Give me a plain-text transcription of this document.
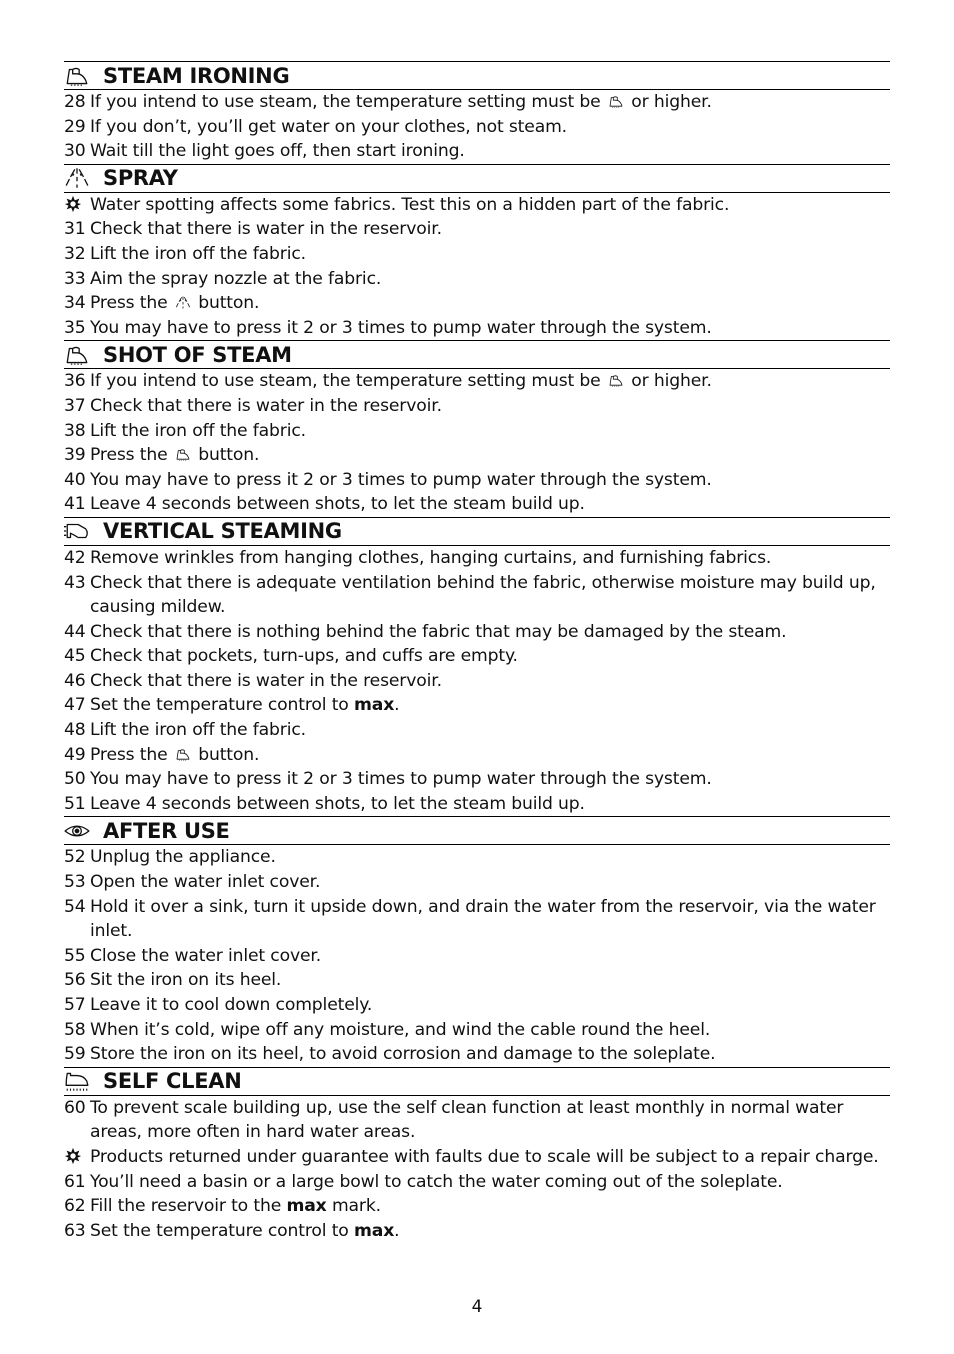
STEAM IRONING
28 If you intend to use steam, the temperature setting must be or higher.
29 If you don’t, you’ll get water on your clothes, not steam.
30 Wait till the light goes off, then start ironing.
SPRAY
Water spotting affects some fabrics. Test this on a hidden part of the fabric.
31 Check that there is water in the reservoir.
32 Lift the iron off the fabric.
33 Aim the spray nozzle at the fabric.
34 Press the button.
35 You may have to press it 2 or 3 times to pump water through the system.
SHOT OF STEAM
36 If you intend to use steam, the temperature setting must be or higher.
37 Check that there is water in the reservoir.
38 Lift the iron off the fabric.
39 Press the button.
40 You may have to press it 2 or 3 times to pump water through the system.
41 Leave 4 seconds between shots, to let the steam build up.
VERTICAL STEAMING
42 Remove wrinkles from hanging clothes, hanging curtains, and furnishing fabrics.
43 Check that there is adequate ventilation behind the fabric, otherwise moisture may build up, causing mildew.
44 Check that there is nothing behind the fabric that may be damaged by the steam.
45 Check that pockets, turn-ups, and cuffs are empty.
46 Check that there is water in the reservoir.
47 Set the temperature control to max.
48 Lift the iron off the fabric.
49 Press the button.
50 You may have to press it 2 or 3 times to pump water through the system.
51 Leave 4 seconds between shots, to let the steam build up.
AFTER USE
52 Unplug the appliance.
53 Open the water inlet cover.
54 Hold it over a sink, turn it upside down, and drain the water from the reservoir, via the water inlet.
55 Close the water inlet cover.
56 Sit the iron on its heel.
57 Leave it to cool down completely.
58 When it’s cold, wipe off any moisture, and wind the cable round the heel.
59 Store the iron on its heel, to avoid corrosion and damage to the soleplate.
SELF CLEAN
60 To prevent scale building up, use the self clean function at least monthly in normal water areas, more often in hard water areas.
Products returned under guarantee with faults due to scale will be subject to a repair charge.
61 You’ll need a basin or a large bowl to catch the water coming out of the soleplate.
62 Fill the reservoir to the max mark.
63 Set the temperature control to max.
4
